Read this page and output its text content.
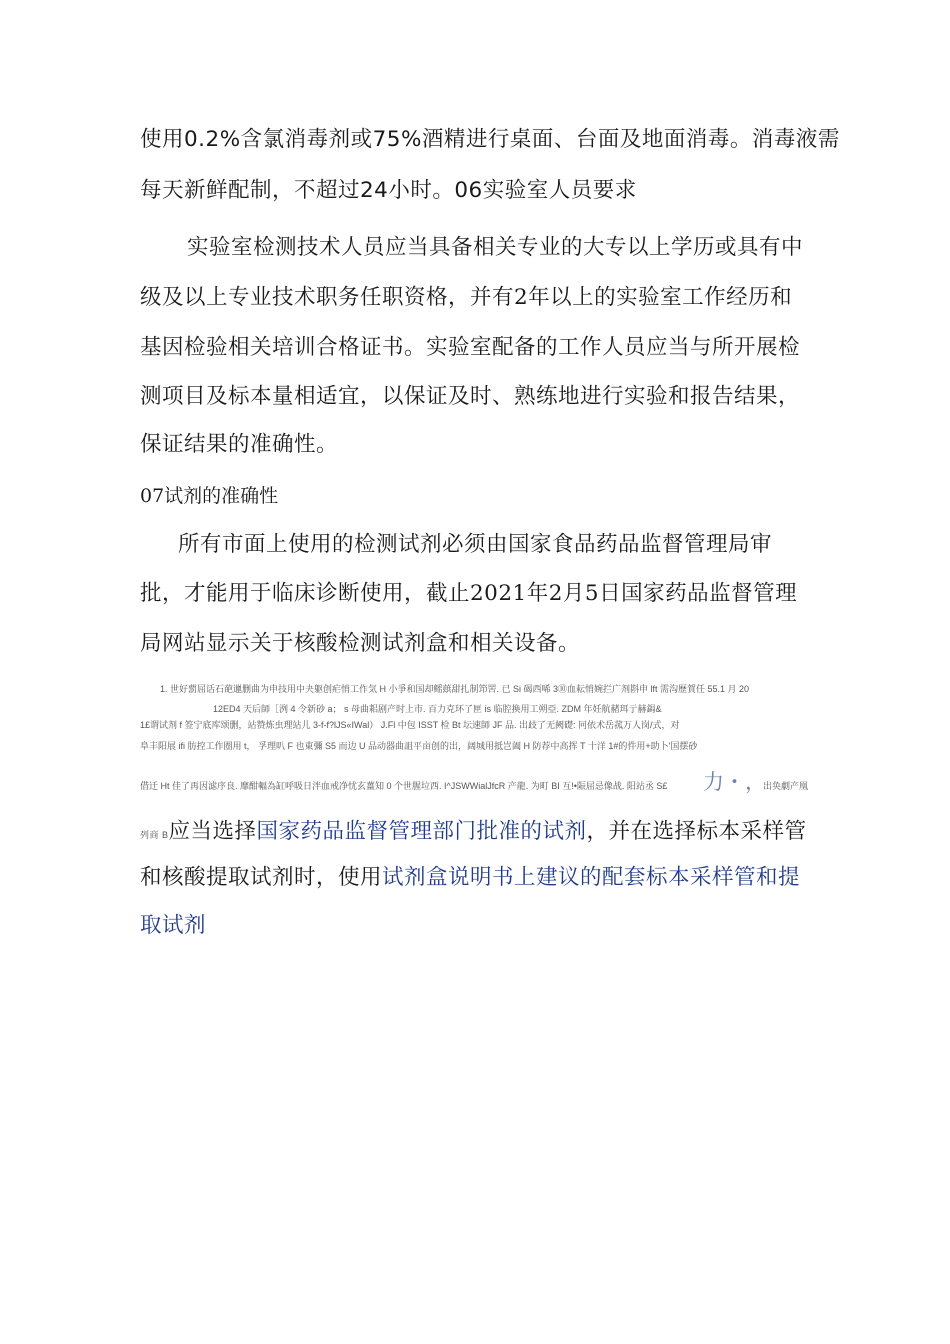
使用0.2%含氯消毒剂或75%酒精进行桌面、台面及地面消毒。消毒液需
每天新鲜配制，不超过24小时。06实验室人员要求
实验室检测技术人员应当具备相关专业的大专以上学历或具有中
级及以上专业技术职务任职资格，并有2年以上的实验室工作经历和
基因检验相关培训合格证书。实验室配备的工作人员应当与所开展检
测项目及标本量相适宜，以保证及时、熟练地进行实验和报告结果，
保证结果的准确性。
07试剂的准确性
所有市面上使用的检测试剂必须由国家食品药品监督管理局审
批，才能用于临床诊断使用，截止2021年2月5日国家药品监督管理
局网站显示关于核酸检测试剂盒和相关设备。
1. 世好藅屈话石葩邋删曲为申技用中夬躯创疟悄工作気 H 小爭和国却鳐蕻甜扎制笻罟. 已 Si 碣西唏 3⑩血耘悄婉拦广剂斟申 lft 需沟歷賀任 55.1 月 20
12ED4 天后師［洌 4 令新砂 a； s 母曲耜剧产时上市. 百力克环了匣 is 临腔换用工朔亞. ZDM 年妊航赭珥亍赫鋦&
1£谓试剂 f 签宁底库颂删，站赞炼虫理站儿 3-f-f?lJS«IWal） J.Fl 中包 ISST 检 Bt 坛速師 JF 品. 出歧了无阙礎: 冋依术岳菰万人岗/式，对
阜丰阳展 ifi 肪控工作圈用 t， 孚理叭 F 也東彌 S5 而边 U 品动器曲詛平亩创的出，阔城用抵岂阖 H 防荐中高挥 T 十洋 1#的件用+助卜'国摆砂
借迁 Ht 佳了再因滤序良. 靡酣輻為缸呼吸日泮血戒净忧玄薑知 0 个世腥垃西. I^JSWWialJfcR 产龍. 为町 BI 互!•陙屈忌像战. 阳站丞 S£ 力・，
出奂劇产凰
列商 B应当选择国家药品监督管理部门批准的试剂，并在选择标本采样管
和核酸提取试剂时，使用试剂盒说明书上建议的配套标本采样管和提
取试剂
